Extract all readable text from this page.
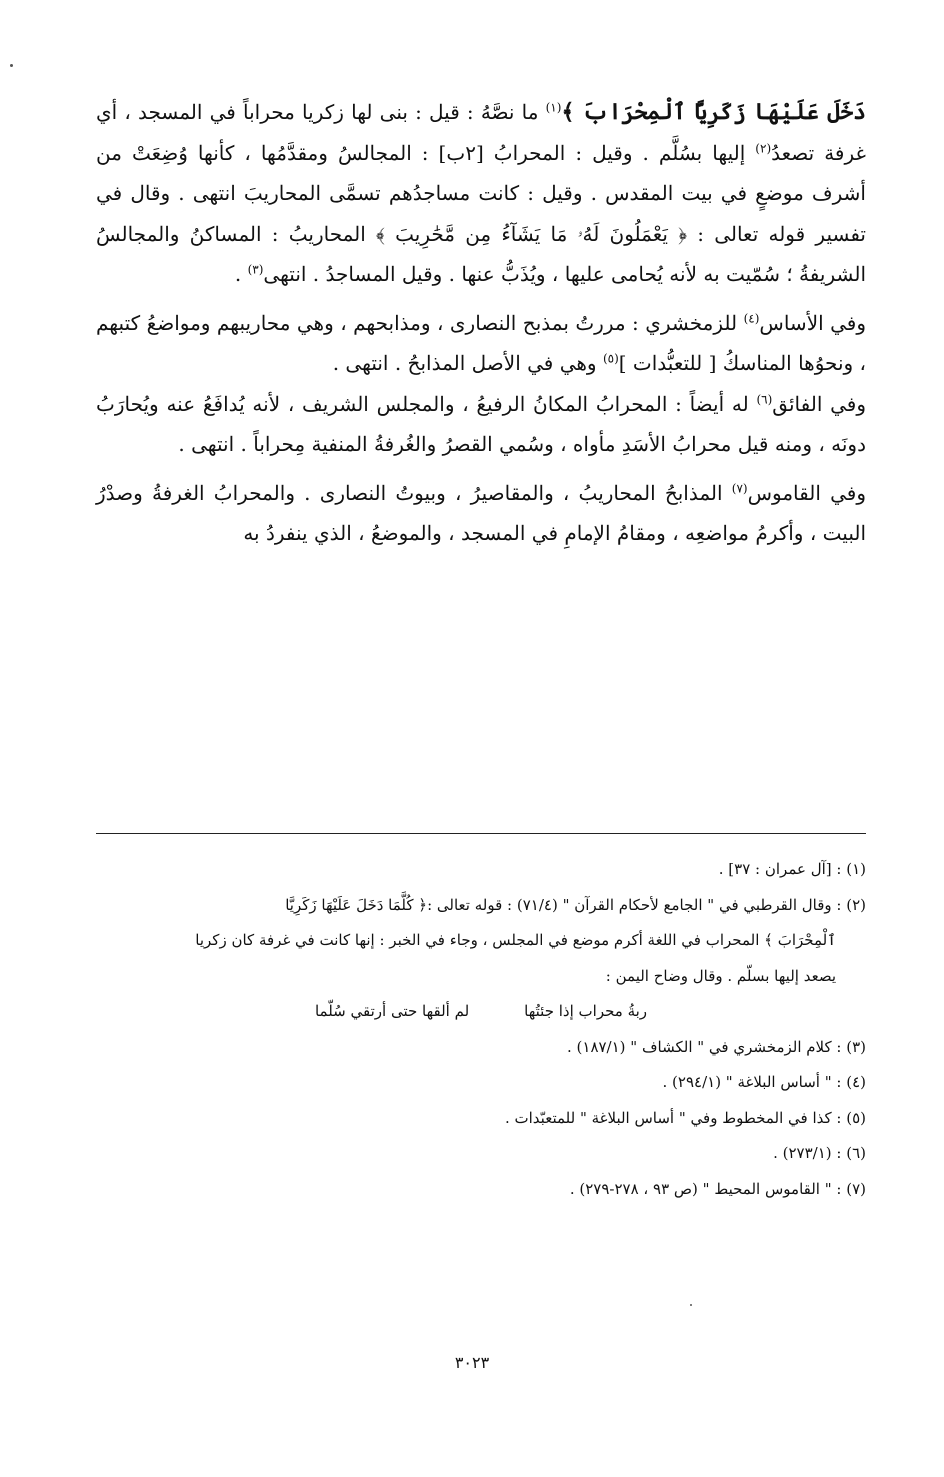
دَخَلَ عَلَيْهَا زَكَرِيَّا ٱلْمِحْرَابَ ﴾$^{(١)}$ ما نصَّهُ : قيل : بنى لها زكريا محراباً في المسجد ، أي غرفة تصعدُ$^{(٢)}$ إليها بسُلَّم . وقيل : المحرابُ [٢ب] : المجالسُ ومقدَّمُها ، كأنها وُضِعَتْ من أشرف موضعٍ في بيت المقدس . وقيل : كانت مساجدُهم تسمَّى المحاريبَ انتهى . وقال في تفسير قوله تعالى : ﴿ يَعْمَلُونَ لَهُۥ مَا يَشَآءُ مِن مَّحَٰرِيبَ ﴾ المحاريبُ : المساكنُ والمجالسُ الشريفةُ ؛ سُمّيت به لأنه يُحامى عليها ، ويُذَبُّ عنها . وقيل المساجدُ . انتهى$^{(٣)}$ .

وفي الأساس$^{(٤)}$ للزمخشري : مررتُ بمذبح النصارى ، ومذابحهم ، وهي محاريبهم ومواضعُ كتبهم ، ونحوُها المناسكُ [ للتعبُّدات ]$^{(٥)}$ وهي في الأصل المذابحُ . انتهى .

وفي الفائق$^{(٦)}$ له أيضاً : المحرابُ المكانُ الرفيعُ ، والمجلس الشريف ، لأنه يُدافَعُ عنه ويُحارَبُ دونَه ، ومنه قيل محرابُ الأسَدِ مأواه ، وسُمي القصرُ والغُرفةُ المنفية مِحراباً . انتهى .

وفي القاموس$^{(٧)}$ المذابحُ المحاريبُ ، والمقاصيرُ ، وبيوتُ النصارى . والمحرابُ الغرفةُ وصدْرُ البيت ، وأكرمُ مواضعِه ، ومقامُ الإمامِ في المسجد ، والموضعُ ، الذي ينفردُ به

(١) : [آل عمران : ٣٧] .

(٢) : وقال القرطبي في " الجامع لأحكام القرآن " (٧١/٤) : قوله تعالى :﴿ كُلَّمَا دَخَلَ عَلَيْهَا زَكَرِيَّا

ٱلْمِحْرَابَ ﴾ المحراب في اللغة أكرم موضع في المجلس ، وجاء في الخبر : إنها كانت في غرفة كان زكريا

يصعد إليها بسلّم . وقال وضاح اليمن :

ربةُ محراب إذا جئتُها
لم ألقها حتى أرتقي سُلّما

(٣) : كلام الزمخشري في " الكشاف " (١٨٧/١) .

(٤) : " أساس البلاغة " (٢٩٤/١) .

(٥) : كذا في المخطوط وفي " أساس البلاغة " للمتعبّدات .

(٦) : (٢٧٣/١) .

(٧) : " القاموس المحيط " (ص ٩٣ ، ٢٧٨-٢٧٩) .

٣٠٢٣
